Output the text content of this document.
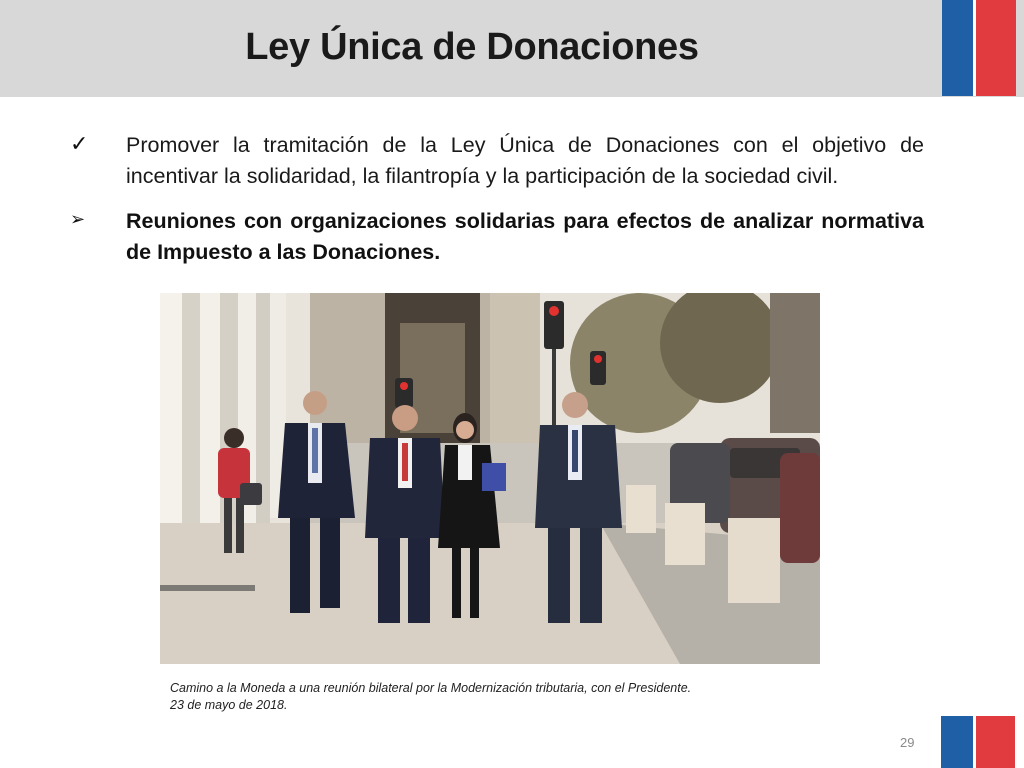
Ley Única de Donaciones
✓ Promover la tramitación de la Ley Única de Donaciones con el objetivo de incentivar la solidaridad, la filantropía y la participación de la sociedad civil.

➢ Reuniones con organizaciones solidarias para efectos de analizar normativa de Impuesto a las Donaciones.

Camino a la Moneda a una reunión bilateral por la Modernización tributaria, con el Presidente.
23 de mayo de 2018.
29
